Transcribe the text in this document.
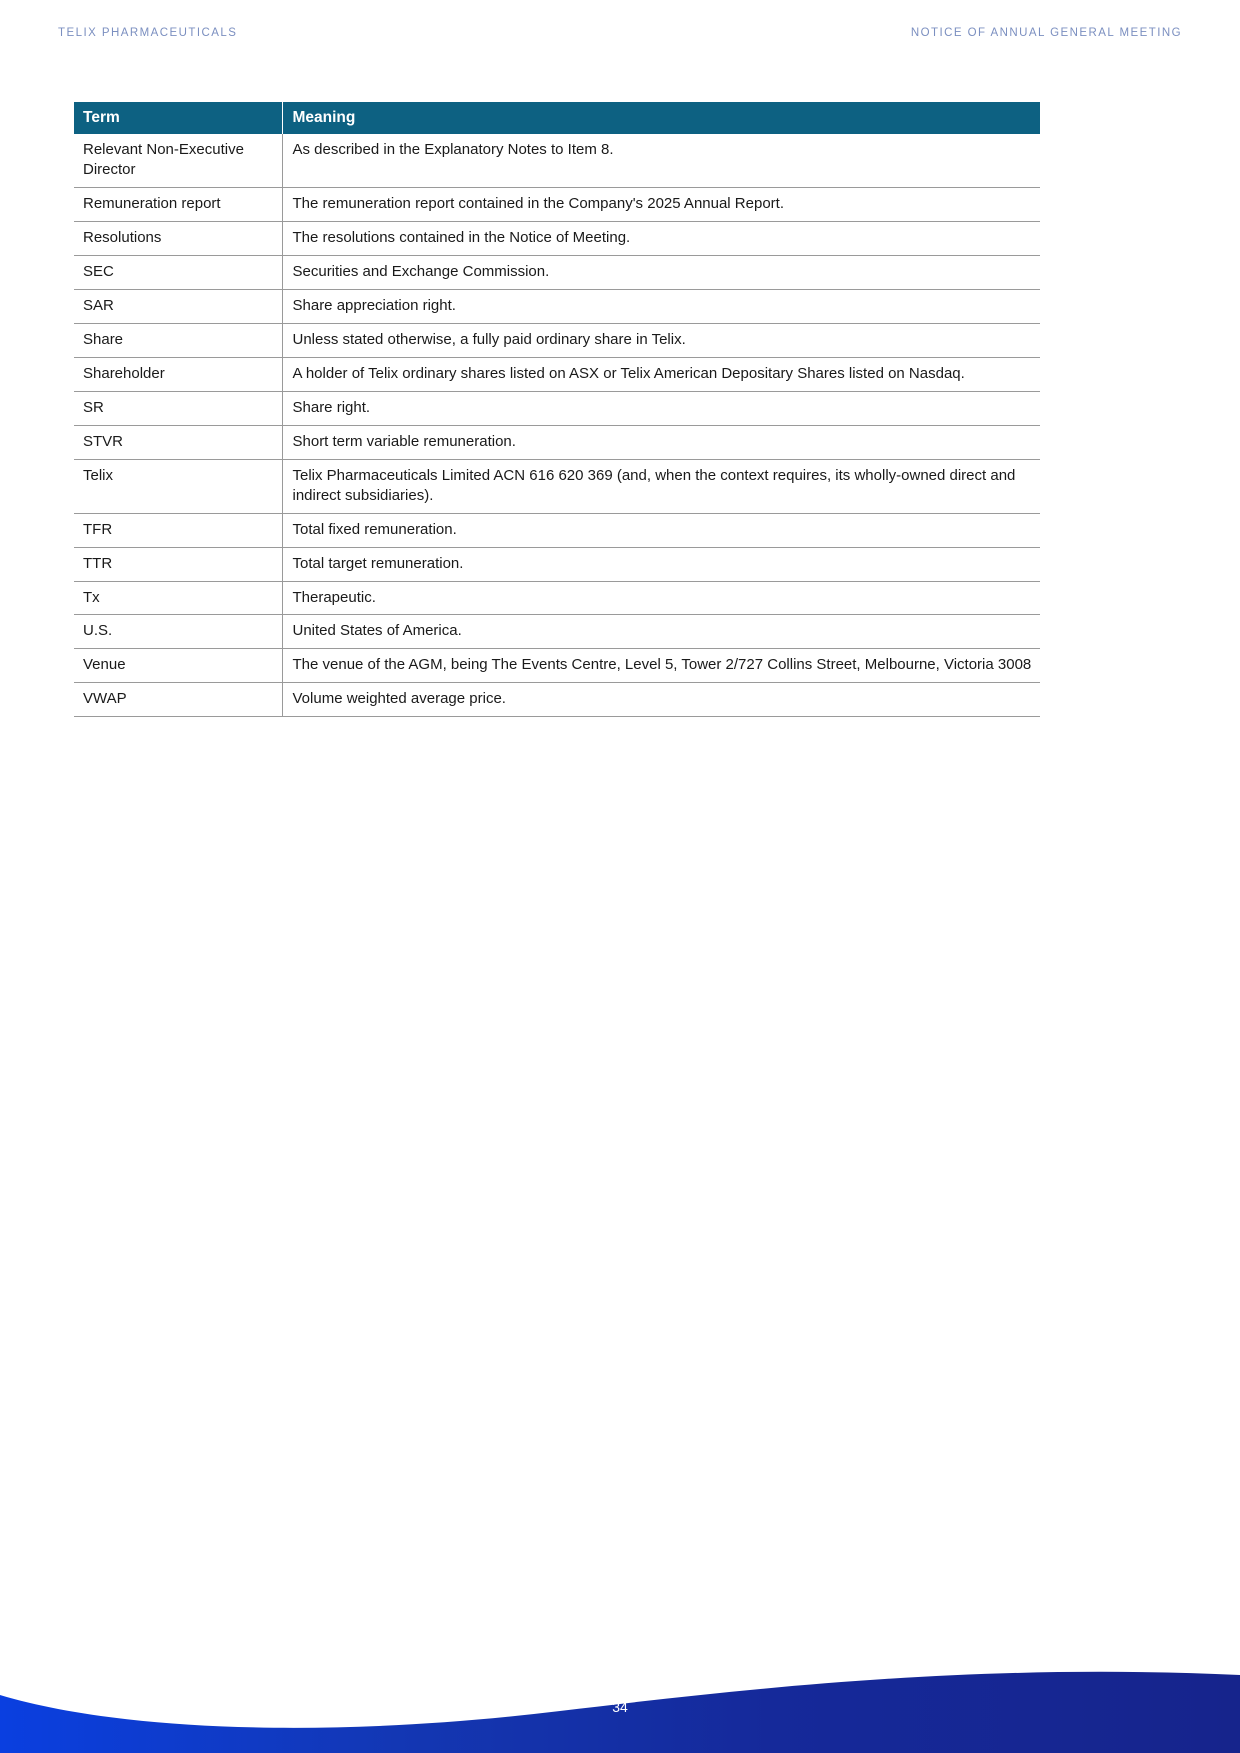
TELIX PHARMACEUTICALS	NOTICE OF ANNUAL GENERAL MEETING
Term	Meaning
Relevant Non-Executive Director	As described in the Explanatory Notes to Item 8.
Remuneration report	The remuneration report contained in the Company's 2025 Annual Report.
Resolutions	The resolutions contained in the Notice of Meeting.
SEC	Securities and Exchange Commission.
SAR	Share appreciation right.
Share	Unless stated otherwise, a fully paid ordinary share in Telix.
Shareholder	A holder of Telix ordinary shares listed on ASX or Telix American Depositary Shares listed on Nasdaq.
SR	Share right.
STVR	Short term variable remuneration.
Telix	Telix Pharmaceuticals Limited ACN 616 620 369 (and, when the context requires, its wholly-owned direct and indirect subsidiaries).
TFR	Total fixed remuneration.
TTR	Total target remuneration.
Tx	Therapeutic.
U.S.	United States of America.
Venue	The venue of the AGM, being The Events Centre, Level 5, Tower 2/727 Collins Street, Melbourne, Victoria 3008
VWAP	Volume weighted average price.
34
